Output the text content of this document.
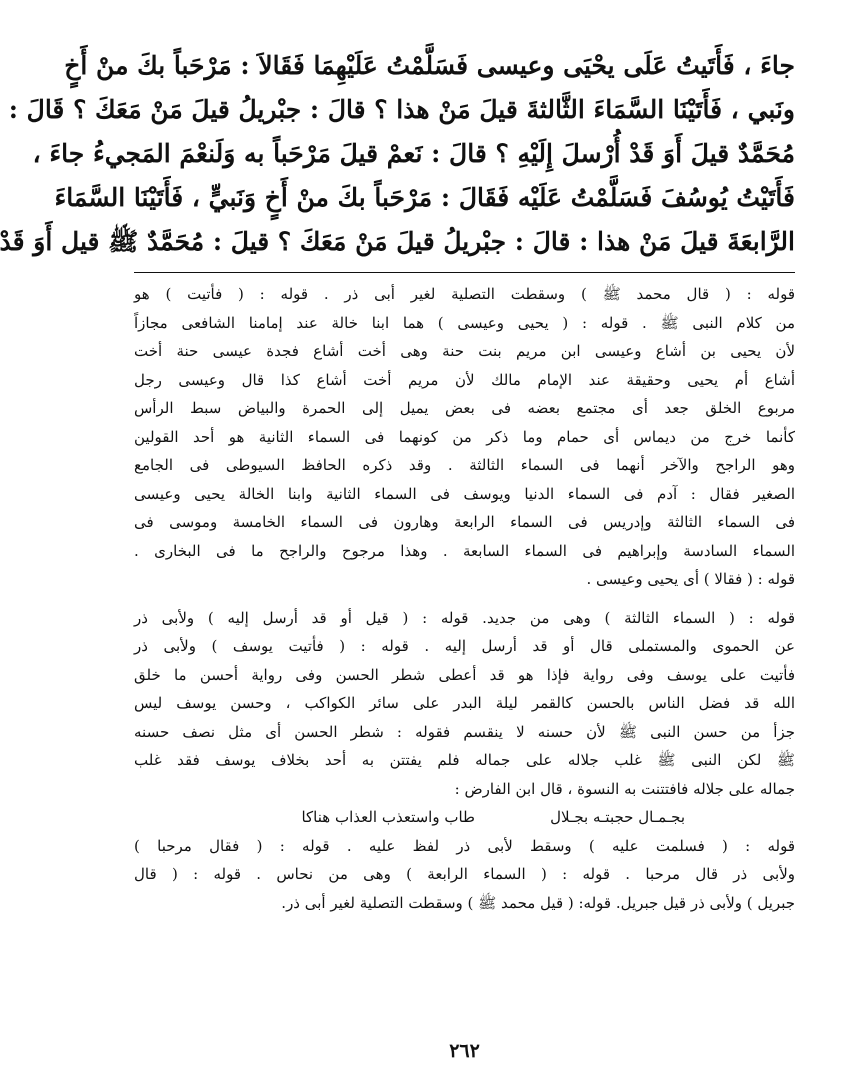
جاءَ ، فَأَتَيتُ عَلَى يحْيَى وعيسى فَسَلَّمْتُ عَلَيْهِمَا فَقَالاَ : مَرْحَباً بكَ منْ أَخٍ
ونَبي ، فَأَتَيْنَا السَّمَاءَ الثَّالثةَ قيلَ مَنْ هذا ؟ قالَ : جبْريلُ قيلَ مَنْ مَعَكَ ؟ قَالَ :
مُحَمَّدٌ قيلَ أَوَ قَدْ أُرْسلَ إِلَيْهِ ؟ قالَ : نَعمْ قيلَ مَرْحَباً به وَلَنعْمَ المَجيءُ جاءَ ،
فَأَتَيْتُ يُوسُفَ فَسَلَّمْتُ عَلَيْه فَقَالَ : مَرْحَباً بكَ منْ أَخٍ وَنَبيٍّ ، فَأَتَيْنَا السَّمَاءَ
الرَّابعَةَ قيلَ مَنْ هذا : قالَ : جبْريلُ قيلَ مَنْ مَعَكَ ؟ قيلَ : مُحَمَّدٌ ﷺ قيل أَوَ قَدْ
قوله : ( قال محمد ﷺ ) وسقطت التصلية لغير أبى ذر . قوله : ( فأتيت ) هو
من كلام النبى ﷺ . قوله : ( يحيى وعيسى ) هما ابنا خالة عند إمامنا الشافعى مجازاً
لأن يحيى بن أشاع وعيسى ابن مريم بنت حنة وهى أخت أشاع فجدة عيسى حنة أخت
أشاع أم يحيى وحقيقة عند الإمام مالك لأن مريم أخت أشاع كذا قال وعيسى رجل
مربوع الخلق جعد أى مجتمع بعضه فى بعض يميل إلى الحمرة والبياض سبط الرأس
كأنما خرج من ديماس أى حمام وما ذكر من كونهما فى السماء الثانية هو أحد القولين
وهو الراجح والآخر أنهما فى السماء الثالثة . وقد ذكره الحافظ السيوطى فى الجامع
الصغير فقال : آدم فى السماء الدنيا ويوسف فى السماء الثانية وابنا الخالة يحيى وعيسى
فى السماء الثالثة وإدريس فى السماء الرابعة وهارون فى السماء الخامسة وموسى فى
السماء السادسة وإبراهيم فى السماء السابعة . وهذا مرجوح والراجح ما فى البخارى .
قوله : ( فقالا ) أى يحيى وعيسى .
قوله : ( السماء الثالثة ) وهى من جديد. قوله : ( قيل أو قد أرسل إليه ) ولأبى ذر
عن الحموى والمستملى قال أو قد أرسل إليه . قوله : ( فأتيت يوسف ) ولأبى ذر
فأتيت على يوسف وفى رواية فإذا هو قد أعطى شطر الحسن وفى رواية أحسن ما خلق
الله قد فضل الناس بالحسن كالقمر ليلة البدر على سائر الكواكب ، وحسن يوسف ليس
جزأ من حسن النبى ﷺ لأن حسنه لا ينقسم فقوله : شطر الحسن أى مثل نصف حسنه
ﷺ لكن النبى ﷺ غلب جلاله على جماله فلم يفتتن به أحد بخلاف يوسف فقد غلب
جماله على جلاله فافتتنت به النسوة ، قال ابن الفارض :
بجـمـال حجبتـه بجـلال
طاب واستعذب العذاب هناكا
قوله : ( فسلمت عليه ) وسقط لأبى ذر لفظ عليه . قوله : ( فقال مرحبا )
ولأبى ذر قال مرحبا . قوله : ( السماء الرابعة ) وهى من نحاس . قوله : ( قال
جبريل ) ولأبى ذر قيل جبريل. قوله: ( قيل محمد ﷺ ) وسقطت التصلية لغير أبى ذر.

٢٦٢
